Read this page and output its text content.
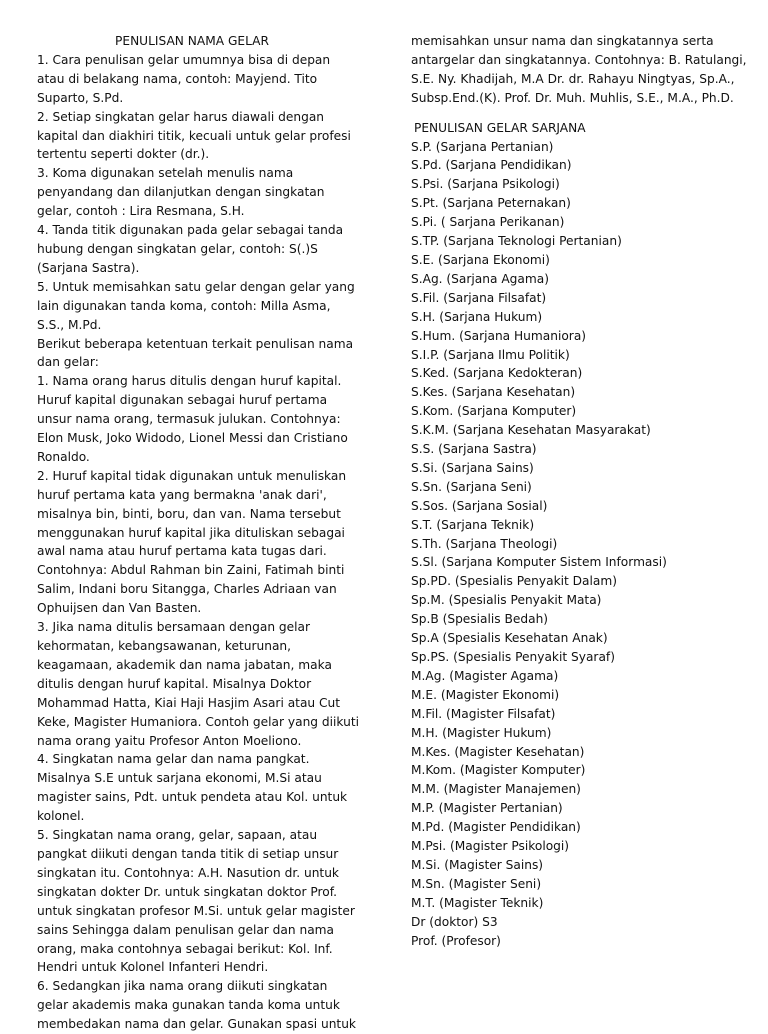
PENULISAN NAMA GELAR

1. Cara penulisan gelar umumnya bisa di depan atau di belakang nama, contoh: Mayjend. Tito Suparto, S.Pd.

2. Setiap singkatan gelar harus diawali dengan kapital dan diakhiri titik, kecuali untuk gelar profesi tertentu seperti dokter (dr.).

3. Koma digunakan setelah menulis nama penyandang dan dilanjutkan dengan singkatan gelar, contoh : Lira Resmana, S.H.

4. Tanda titik digunakan pada gelar sebagai tanda hubung dengan singkatan gelar, contoh: S(.)S (Sarjana Sastra).

5. Untuk memisahkan satu gelar dengan gelar yang lain digunakan tanda koma, contoh: Milla Asma, S.S., M.Pd.

Berikut beberapa ketentuan terkait penulisan nama dan gelar:

1. Nama orang harus ditulis dengan huruf kapital. Huruf kapital digunakan sebagai huruf pertama unsur nama orang, termasuk julukan. Contohnya: Elon Musk, Joko Widodo, Lionel Messi dan Cristiano Ronaldo.

2. Huruf kapital tidak digunakan untuk menuliskan huruf pertama kata yang bermakna 'anak dari', misalnya bin, binti, boru, dan van. Nama tersebut menggunakan huruf kapital jika dituliskan sebagai awal nama atau huruf pertama kata tugas dari. Contohnya: Abdul Rahman bin Zaini, Fatimah binti Salim, Indani boru Sitangga, Charles Adriaan van Ophuijsen dan Van Basten.

3. Jika nama ditulis bersamaan dengan gelar kehormatan, kebangsawanan, keturunan, keagamaan, akademik dan nama jabatan, maka ditulis dengan huruf kapital. Misalnya Doktor Mohammad Hatta, Kiai Haji Hasjim Asari atau Cut Keke, Magister Humaniora. Contoh gelar yang diikuti nama orang yaitu Profesor Anton Moeliono.

4. Singkatan nama gelar dan nama pangkat. Misalnya S.E untuk sarjana ekonomi, M.Si atau magister sains, Pdt. untuk pendeta atau Kol. untuk kolonel.

5. Singkatan nama orang, gelar, sapaan, atau pangkat diikuti dengan tanda titik di setiap unsur singkatan itu. Contohnya: A.H. Nasution dr. untuk singkatan dokter Dr. untuk singkatan doktor Prof. untuk singkatan profesor M.Si. untuk gelar magister sains Sehingga dalam penulisan gelar dan nama orang, maka contohnya sebagai berikut: Kol. Inf. Hendri untuk Kolonel Infanteri Hendri.

6. Sedangkan jika nama orang diikuti singkatan gelar akademis maka gunakan tanda koma untuk membedakan nama dan gelar. Gunakan spasi untuk

memisahkan unsur nama dan singkatannya serta antargelar dan singkatannya. Contohnya: B. Ratulangi, S.E. Ny. Khadijah, M.A Dr. dr. Rahayu Ningtyas, Sp.A., Subsp.End.(K). Prof. Dr. Muh. Muhlis, S.E., M.A., Ph.D.

PENULISAN GELAR SARJANA
S.P. (Sarjana Pertanian)
S.Pd. (Sarjana Pendidikan)
S.Psi. (Sarjana Psikologi)
S.Pt. (Sarjana Peternakan)
S.Pi. ( Sarjana Perikanan)
S.TP. (Sarjana Teknologi Pertanian)
S.E. (Sarjana Ekonomi)
S.Ag. (Sarjana Agama)
S.Fil. (Sarjana Filsafat)
S.H. (Sarjana Hukum)
S.Hum. (Sarjana Humaniora)
S.I.P. (Sarjana Ilmu Politik)
S.Ked. (Sarjana Kedokteran)
S.Kes. (Sarjana Kesehatan)
S.Kom. (Sarjana Komputer)
S.K.M. (Sarjana Kesehatan Masyarakat)
S.S. (Sarjana Sastra)
S.Si. (Sarjana Sains)
S.Sn. (Sarjana Seni)
S.Sos. (Sarjana Sosial)
S.T. (Sarjana Teknik)
S.Th. (Sarjana Theologi)
S.Sl. (Sarjana Komputer Sistem Informasi)
Sp.PD. (Spesialis Penyakit Dalam)
Sp.M. (Spesialis Penyakit Mata)
Sp.B (Spesialis Bedah)
Sp.A (Spesialis Kesehatan Anak)
Sp.PS. (Spesialis Penyakit Syaraf)
M.Ag. (Magister Agama)
M.E. (Magister Ekonomi)
M.Fil. (Magister Filsafat)
M.H. (Magister Hukum)
M.Kes. (Magister Kesehatan)
M.Kom. (Magister Komputer)
M.M. (Magister Manajemen)
M.P. (Magister Pertanian)
M.Pd. (Magister Pendidikan)
M.Psi. (Magister Psikologi)
M.Si. (Magister Sains)
M.Sn. (Magister Seni)
M.T. (Magister Teknik)
Dr (doktor) S3
Prof. (Profesor)
